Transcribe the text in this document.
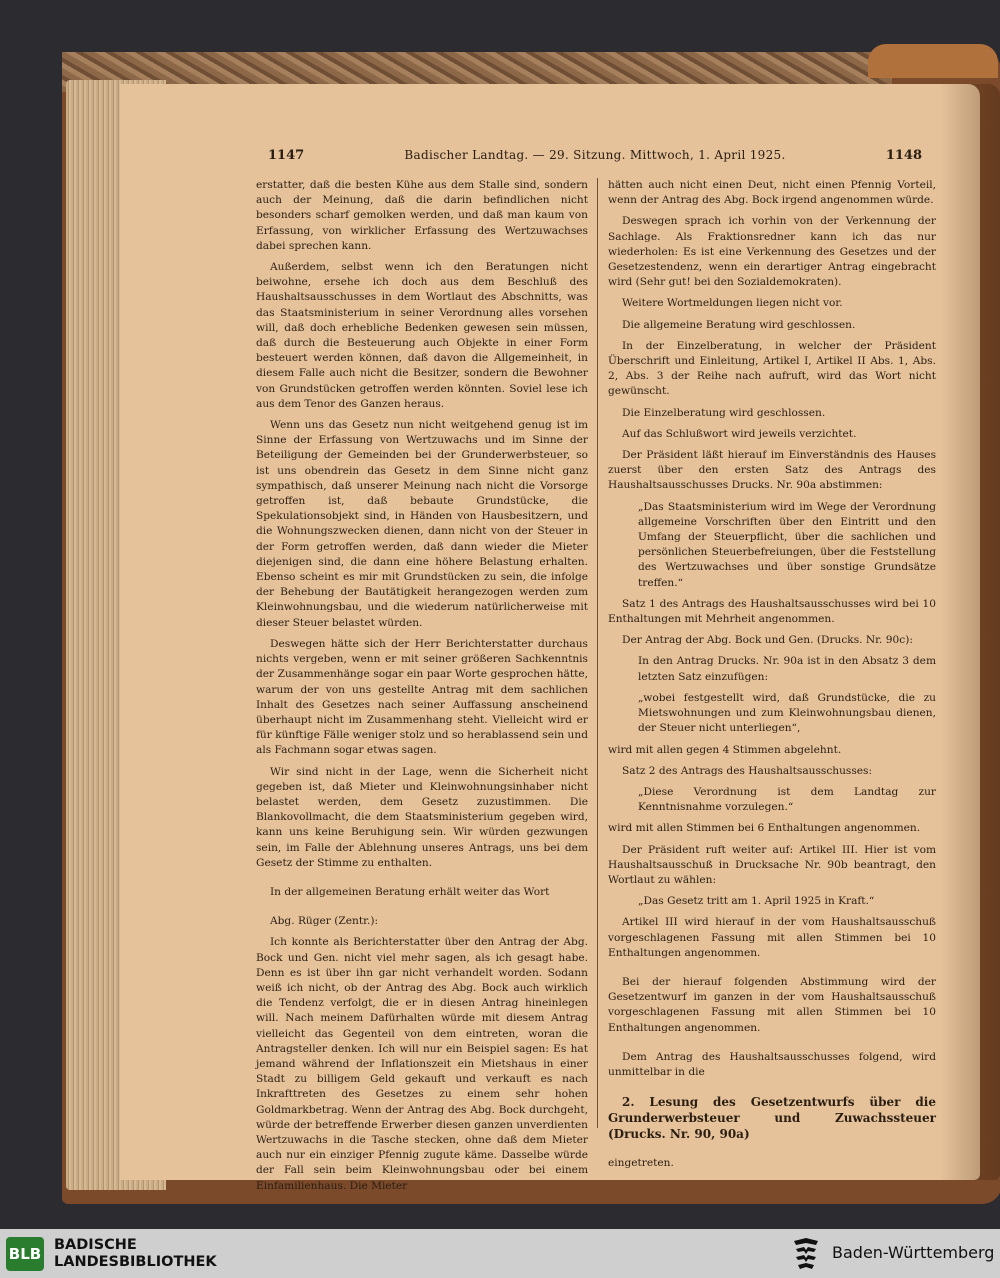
1147	Badischer Landtag. — 29. Sitzung. Mittwoch, 1. April 1925.	1148

erstatter, daß die besten Kühe aus dem Stalle sind, sondern auch der Meinung, daß die darin befindlichen nicht besonders scharf gemolken werden, und daß man kaum von Erfassung, von wirklicher Erfassung des Wertzuwachses dabei sprechen kann.

Außerdem, selbst wenn ich den Beratungen nicht beiwohne, ersehe ich doch aus dem Beschluß des Haushaltsausschusses in dem Wortlaut des Abschnitts, was das Staatsministerium in seiner Verordnung alles vorsehen will, daß doch erhebliche Bedenken gewesen sein müssen, daß durch die Besteuerung auch Objekte in einer Form besteuert werden können, daß davon die Allgemeinheit, in diesem Falle auch nicht die Besitzer, sondern die Bewohner von Grundstücken getroffen werden könnten. Soviel lese ich aus dem Tenor des Ganzen heraus.

Wenn uns das Gesetz nun nicht weitgehend genug ist im Sinne der Erfassung von Wertzuwachs und im Sinne der Beteiligung der Gemeinden bei der Grunderwerbsteuer, so ist uns obendrein das Gesetz in dem Sinne nicht ganz sympathisch, daß unserer Meinung nach nicht die Vorsorge getroffen ist, daß bebaute Grundstücke, die Spekulationsobjekt sind, in Händen von Hausbesitzern, und die Wohnungszwecken dienen, dann nicht von der Steuer in der Form getroffen werden, daß dann wieder die Mieter diejenigen sind, die dann eine höhere Belastung erhalten. Ebenso scheint es mir mit Grundstücken zu sein, die infolge der Behebung der Bautätigkeit herangezogen werden zum Kleinwohnungsbau, und die wiederum natürlicherweise mit dieser Steuer belastet würden.

Deswegen hätte sich der Herr Berichterstatter durchaus nichts vergeben, wenn er mit seiner größeren Sachkenntnis der Zusammenhänge sogar ein paar Worte gesprochen hätte, warum der von uns gestellte Antrag mit dem sachlichen Inhalt des Gesetzes nach seiner Auffassung anscheinend überhaupt nicht im Zusammenhang steht. Vielleicht wird er für künftige Fälle weniger stolz und so herablassend sein und als Fachmann sogar etwas sagen.

Wir sind nicht in der Lage, wenn die Sicherheit nicht gegeben ist, daß Mieter und Kleinwohnungsinhaber nicht belastet werden, dem Gesetz zuzustimmen. Die Blankovollmacht, die dem Staatsministerium gegeben wird, kann uns keine Beruhigung sein. Wir würden gezwungen sein, im Falle der Ablehnung unseres Antrags, uns bei dem Gesetz der Stimme zu enthalten.

In der allgemeinen Beratung erhält weiter das Wort

Abg. Rüger (Zentr.):

Ich konnte als Berichterstatter über den Antrag der Abg. Bock und Gen. nicht viel mehr sagen, als ich gesagt habe. Denn es ist über ihn gar nicht verhandelt worden. Sodann weiß ich nicht, ob der Antrag des Abg. Bock auch wirklich die Tendenz verfolgt, die er in diesen Antrag hineinlegen will. Nach meinem Dafürhalten würde mit diesem Antrag vielleicht das Gegenteil von dem eintreten, woran die Antragsteller denken. Ich will nur ein Beispiel sagen: Es hat jemand während der Inflationszeit ein Mietshaus in einer Stadt zu billigem Geld gekauft und verkauft es nach Inkrafttreten des Gesetzes zu einem sehr hohen Goldmarkbetrag. Wenn der Antrag des Abg. Bock durchgeht, würde der betreffende Erwerber diesen ganzen unverdienten Wertzuwachs in die Tasche stecken, ohne daß dem Mieter auch nur ein einziger Pfennig zugute käme. Dasselbe würde der Fall sein beim Kleinwohnungsbau oder bei einem Einfamilienhaus. Die Mieter

hätten auch nicht einen Deut, nicht einen Pfennig Vorteil, wenn der Antrag des Abg. Bock irgend angenommen würde.

Deswegen sprach ich vorhin von der Verkennung der Sachlage. Als Fraktionsredner kann ich das nur wiederholen: Es ist eine Verkennung des Gesetzes und der Gesetzestendenz, wenn ein derartiger Antrag eingebracht wird (Sehr gut! bei den Sozialdemokraten).

Weitere Wortmeldungen liegen nicht vor.

Die allgemeine Beratung wird geschlossen.

In der Einzelberatung, in welcher der Präsident Überschrift und Einleitung, Artikel I, Artikel II Abs. 1, Abs. 2, Abs. 3 der Reihe nach aufruft, wird das Wort nicht gewünscht.

Die Einzelberatung wird geschlossen.

Auf das Schlußwort wird jeweils verzichtet.

Der Präsident läßt hierauf im Einverständnis des Hauses zuerst über den ersten Satz des Antrags des Haushaltsausschusses Drucks. Nr. 90a abstimmen:

„Das Staatsministerium wird im Wege der Verordnung allgemeine Vorschriften über den Eintritt und den Umfang der Steuerpflicht, über die sachlichen und persönlichen Steuerbefreiungen, über die Feststellung des Wertzuwachses und über sonstige Grundsätze treffen.“

Satz 1 des Antrags des Haushaltsausschusses wird bei 10 Enthaltungen mit Mehrheit angenommen.

Der Antrag der Abg. Bock und Gen. (Drucks. Nr. 90c):

In den Antrag Drucks. Nr. 90a ist in den Absatz 3 dem letzten Satz einzufügen:

„wobei festgestellt wird, daß Grundstücke, die zu Mietswohnungen und zum Kleinwohnungsbau dienen, der Steuer nicht unterliegen“,

wird mit allen gegen 4 Stimmen abgelehnt.

Satz 2 des Antrags des Haushaltsausschusses:

„Diese Verordnung ist dem Landtag zur Kenntnisnahme vorzulegen.“

wird mit allen Stimmen bei 6 Enthaltungen angenommen.

Der Präsident ruft weiter auf: Artikel III. Hier ist vom Haushaltsausschuß in Drucksache Nr. 90b beantragt, den Wortlaut zu wählen:

„Das Gesetz tritt am 1. April 1925 in Kraft.“

Artikel III wird hierauf in der vom Haushaltsausschuß vorgeschlagenen Fassung mit allen Stimmen bei 10 Enthaltungen angenommen.

Bei der hierauf folgenden Abstimmung wird der Gesetzentwurf im ganzen in der vom Haushaltsausschuß vorgeschlagenen Fassung mit allen Stimmen bei 10 Enthaltungen angenommen.

Dem Antrag des Haushaltsausschusses folgend, wird unmittelbar in die

2. Lesung des Gesetzentwurfs über die Grunderwerbsteuer und Zuwachssteuer (Drucks. Nr. 90, 90a)

eingetreten.

BLB BADISCHE
LANDESBIBLIOTHEK	Baden-Württemberg
